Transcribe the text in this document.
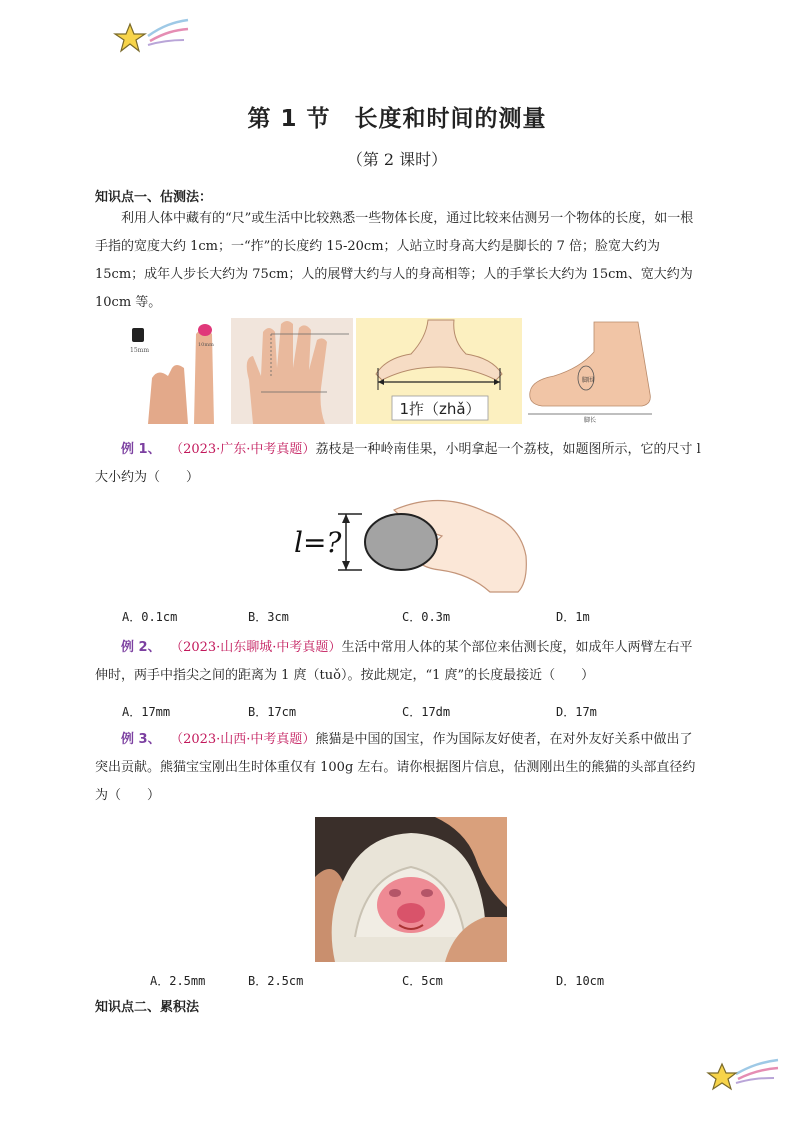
第 1 节　长度和时间的测量
（第 2 课时）
知识点一、估测法：

利用人体中藏有的“尺”或生活中比较熟悉一些物体长度，通过比较来估测另一个物体的长度，如一根手指的宽度大约 1cm；一“拃”的长度约 15-20cm；人站立时身高大约是脚长的 7 倍；脸宽大约为 15cm；成年人步长大约为 75cm；人的展臂大约与人的身高相等；人的手掌长大约为 15cm、宽大约为 10cm 等。

15mm
10mm
1拃（zhǎ）
脚围
脚长

例 1、 （2023·广东·中考真题）荔枝是一种岭南佳果，小明拿起一个荔枝，如题图所示，它的尺寸 l 大小约为（　　）

l=?
A．0.1cm	B．3cm	C．0.3m	D．1m

例 2、 （2023·山东聊城·中考真题）生活中常用人体的某个部位来估测长度，如成年人两臂左右平伸时，两手中指尖之间的距离为 1 庹（tuǒ）。按此规定，“1 庹”的长度最接近（　　）

A．17mm	B．17cm	C．17dm	D．17m

例 3、 （2023·山西·中考真题）熊猫是中国的国宝，作为国际友好使者，在对外友好关系中做出了突出贡献。熊猫宝宝刚出生时体重仅有 100g 左右。请你根据图片信息，估测刚出生的熊猫的头部直径约为（　　）

A．2.5mm	B．2.5cm	C．5cm	D．10cm
知识点二、累积法
